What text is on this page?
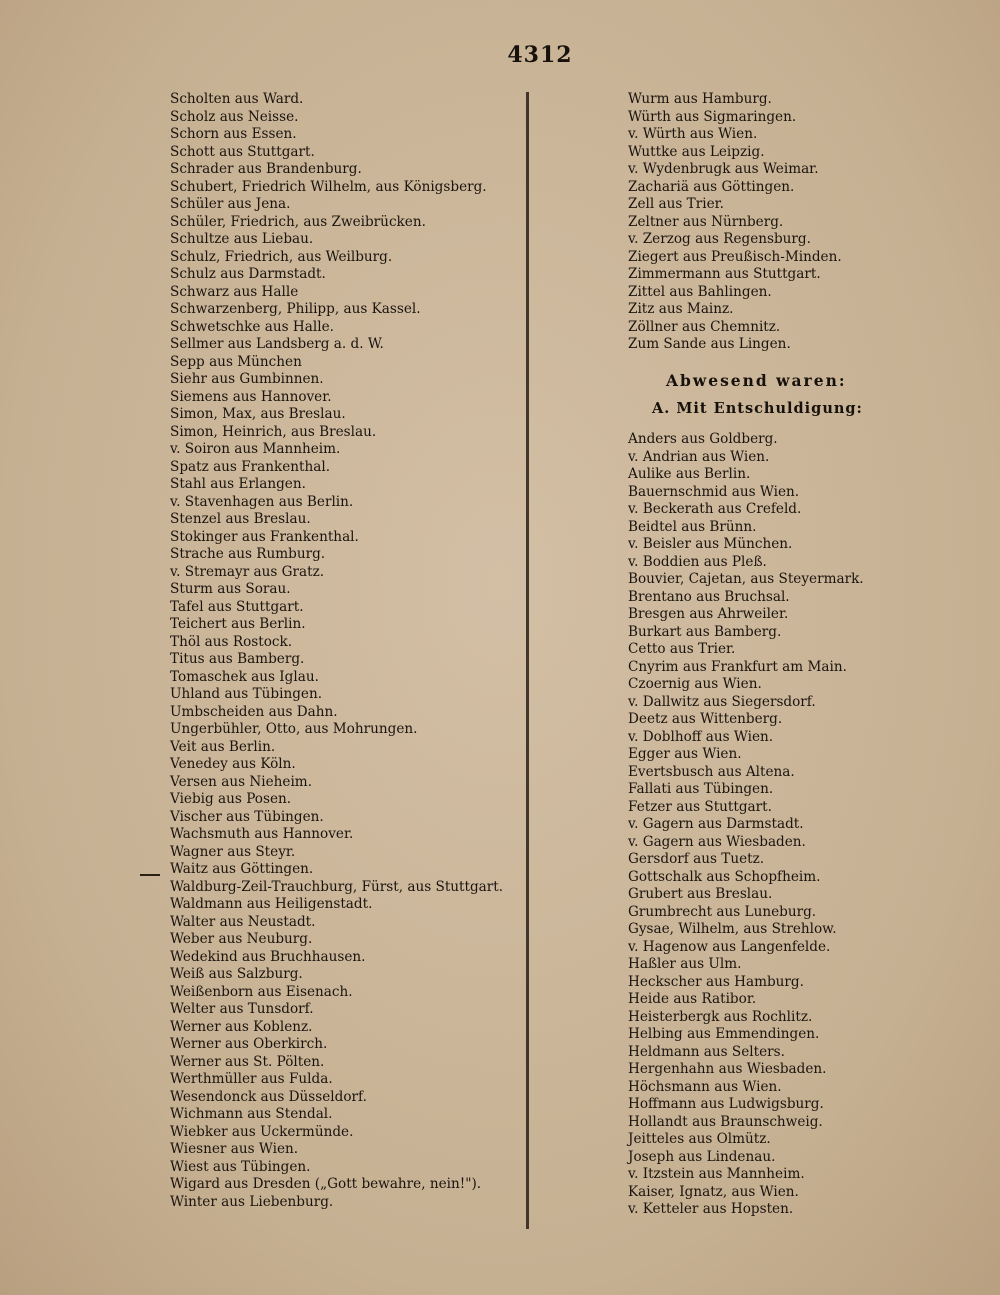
4312
Scholten aus Ward.
Scholz aus Neisse.
Schorn aus Essen.
Schott aus Stuttgart.
Schrader aus Brandenburg.
Schubert, Friedrich Wilhelm, aus Königsberg.
Schüler aus Jena.
Schüler, Friedrich, aus Zweibrücken.
Schultze aus Liebau.
Schulz, Friedrich, aus Weilburg.
Schulz aus Darmstadt.
Schwarz aus Halle
Schwarzenberg, Philipp, aus Kassel.
Schwetschke aus Halle.
Sellmer aus Landsberg a. d. W.
Sepp aus München
Siehr aus Gumbinnen.
Siemens aus Hannover.
Simon, Max, aus Breslau.
Simon, Heinrich, aus Breslau.
v. Soiron aus Mannheim.
Spatz aus Frankenthal.
Stahl aus Erlangen.
v. Stavenhagen aus Berlin.
Stenzel aus Breslau.
Stokinger aus Frankenthal.
Strache aus Rumburg.
v. Stremayr aus Gratz.
Sturm aus Sorau.
Tafel aus Stuttgart.
Teichert aus Berlin.
Thöl aus Rostock.
Titus aus Bamberg.
Tomaschek aus Iglau.
Uhland aus Tübingen.
Umbscheiden aus Dahn.
Ungerbühler, Otto, aus Mohrungen.
Veit aus Berlin.
Venedey aus Köln.
Versen aus Nieheim.
Viebig aus Posen.
Vischer aus Tübingen.
Wachsmuth aus Hannover.
Wagner aus Steyr.
Waitz aus Göttingen.
Waldburg-Zeil-Trauchburg, Fürst, aus Stuttgart.
Waldmann aus Heiligenstadt.
Walter aus Neustadt.
Weber aus Neuburg.
Wedekind aus Bruchhausen.
Weiß aus Salzburg.
Weißenborn aus Eisenach.
Welter aus Tunsdorf.
Werner aus Koblenz.
Werner aus Oberkirch.
Werner aus St. Pölten.
Werthmüller aus Fulda.
Wesendonck aus Düsseldorf.
Wichmann aus Stendal.
Wiebker aus Uckermünde.
Wiesner aus Wien.
Wiest aus Tübingen.
Wigard aus Dresden („Gott bewahre, nein!").
Winter aus Liebenburg.
Wurm aus Hamburg.
Würth aus Sigmaringen.
v. Würth aus Wien.
Wuttke aus Leipzig.
v. Wydenbrugk aus Weimar.
Zachariä aus Göttingen.
Zell aus Trier.
Zeltner aus Nürnberg.
v. Zerzog aus Regensburg.
Ziegert aus Preußisch-Minden.
Zimmermann aus Stuttgart.
Zittel aus Bahlingen.
Zitz aus Mainz.
Zöllner aus Chemnitz.
Zum Sande aus Lingen.
Abwesend waren:
A. Mit Entschuldigung:
Anders aus Goldberg.
v. Andrian aus Wien.
Aulike aus Berlin.
Bauernschmid aus Wien.
v. Beckerath aus Crefeld.
Beidtel aus Brünn.
v. Beisler aus München.
v. Boddien aus Pleß.
Bouvier, Cajetan, aus Steyermark.
Brentano aus Bruchsal.
Bresgen aus Ahrweiler.
Burkart aus Bamberg.
Cetto aus Trier.
Cnyrim aus Frankfurt am Main.
Czoernig aus Wien.
v. Dallwitz aus Siegersdorf.
Deetz aus Wittenberg.
v. Doblhoff aus Wien.
Egger aus Wien.
Evertsbusch aus Altena.
Fallati aus Tübingen.
Fetzer aus Stuttgart.
v. Gagern aus Darmstadt.
v. Gagern aus Wiesbaden.
Gersdorf aus Tuetz.
Gottschalk aus Schopfheim.
Grubert aus Breslau.
Grumbrecht aus Luneburg.
Gysae, Wilhelm, aus Strehlow.
v. Hagenow aus Langenfelde.
Haßler aus Ulm.
Heckscher aus Hamburg.
Heide aus Ratibor.
Heisterbergk aus Rochlitz.
Helbing aus Emmendingen.
Heldmann aus Selters.
Hergenhahn aus Wiesbaden.
Höchsmann aus Wien.
Hoffmann aus Ludwigsburg.
Hollandt aus Braunschweig.
Jeitteles aus Olmütz.
Joseph aus Lindenau.
v. Itzstein aus Mannheim.
Kaiser, Ignatz, aus Wien.
v. Ketteler aus Hopsten.
